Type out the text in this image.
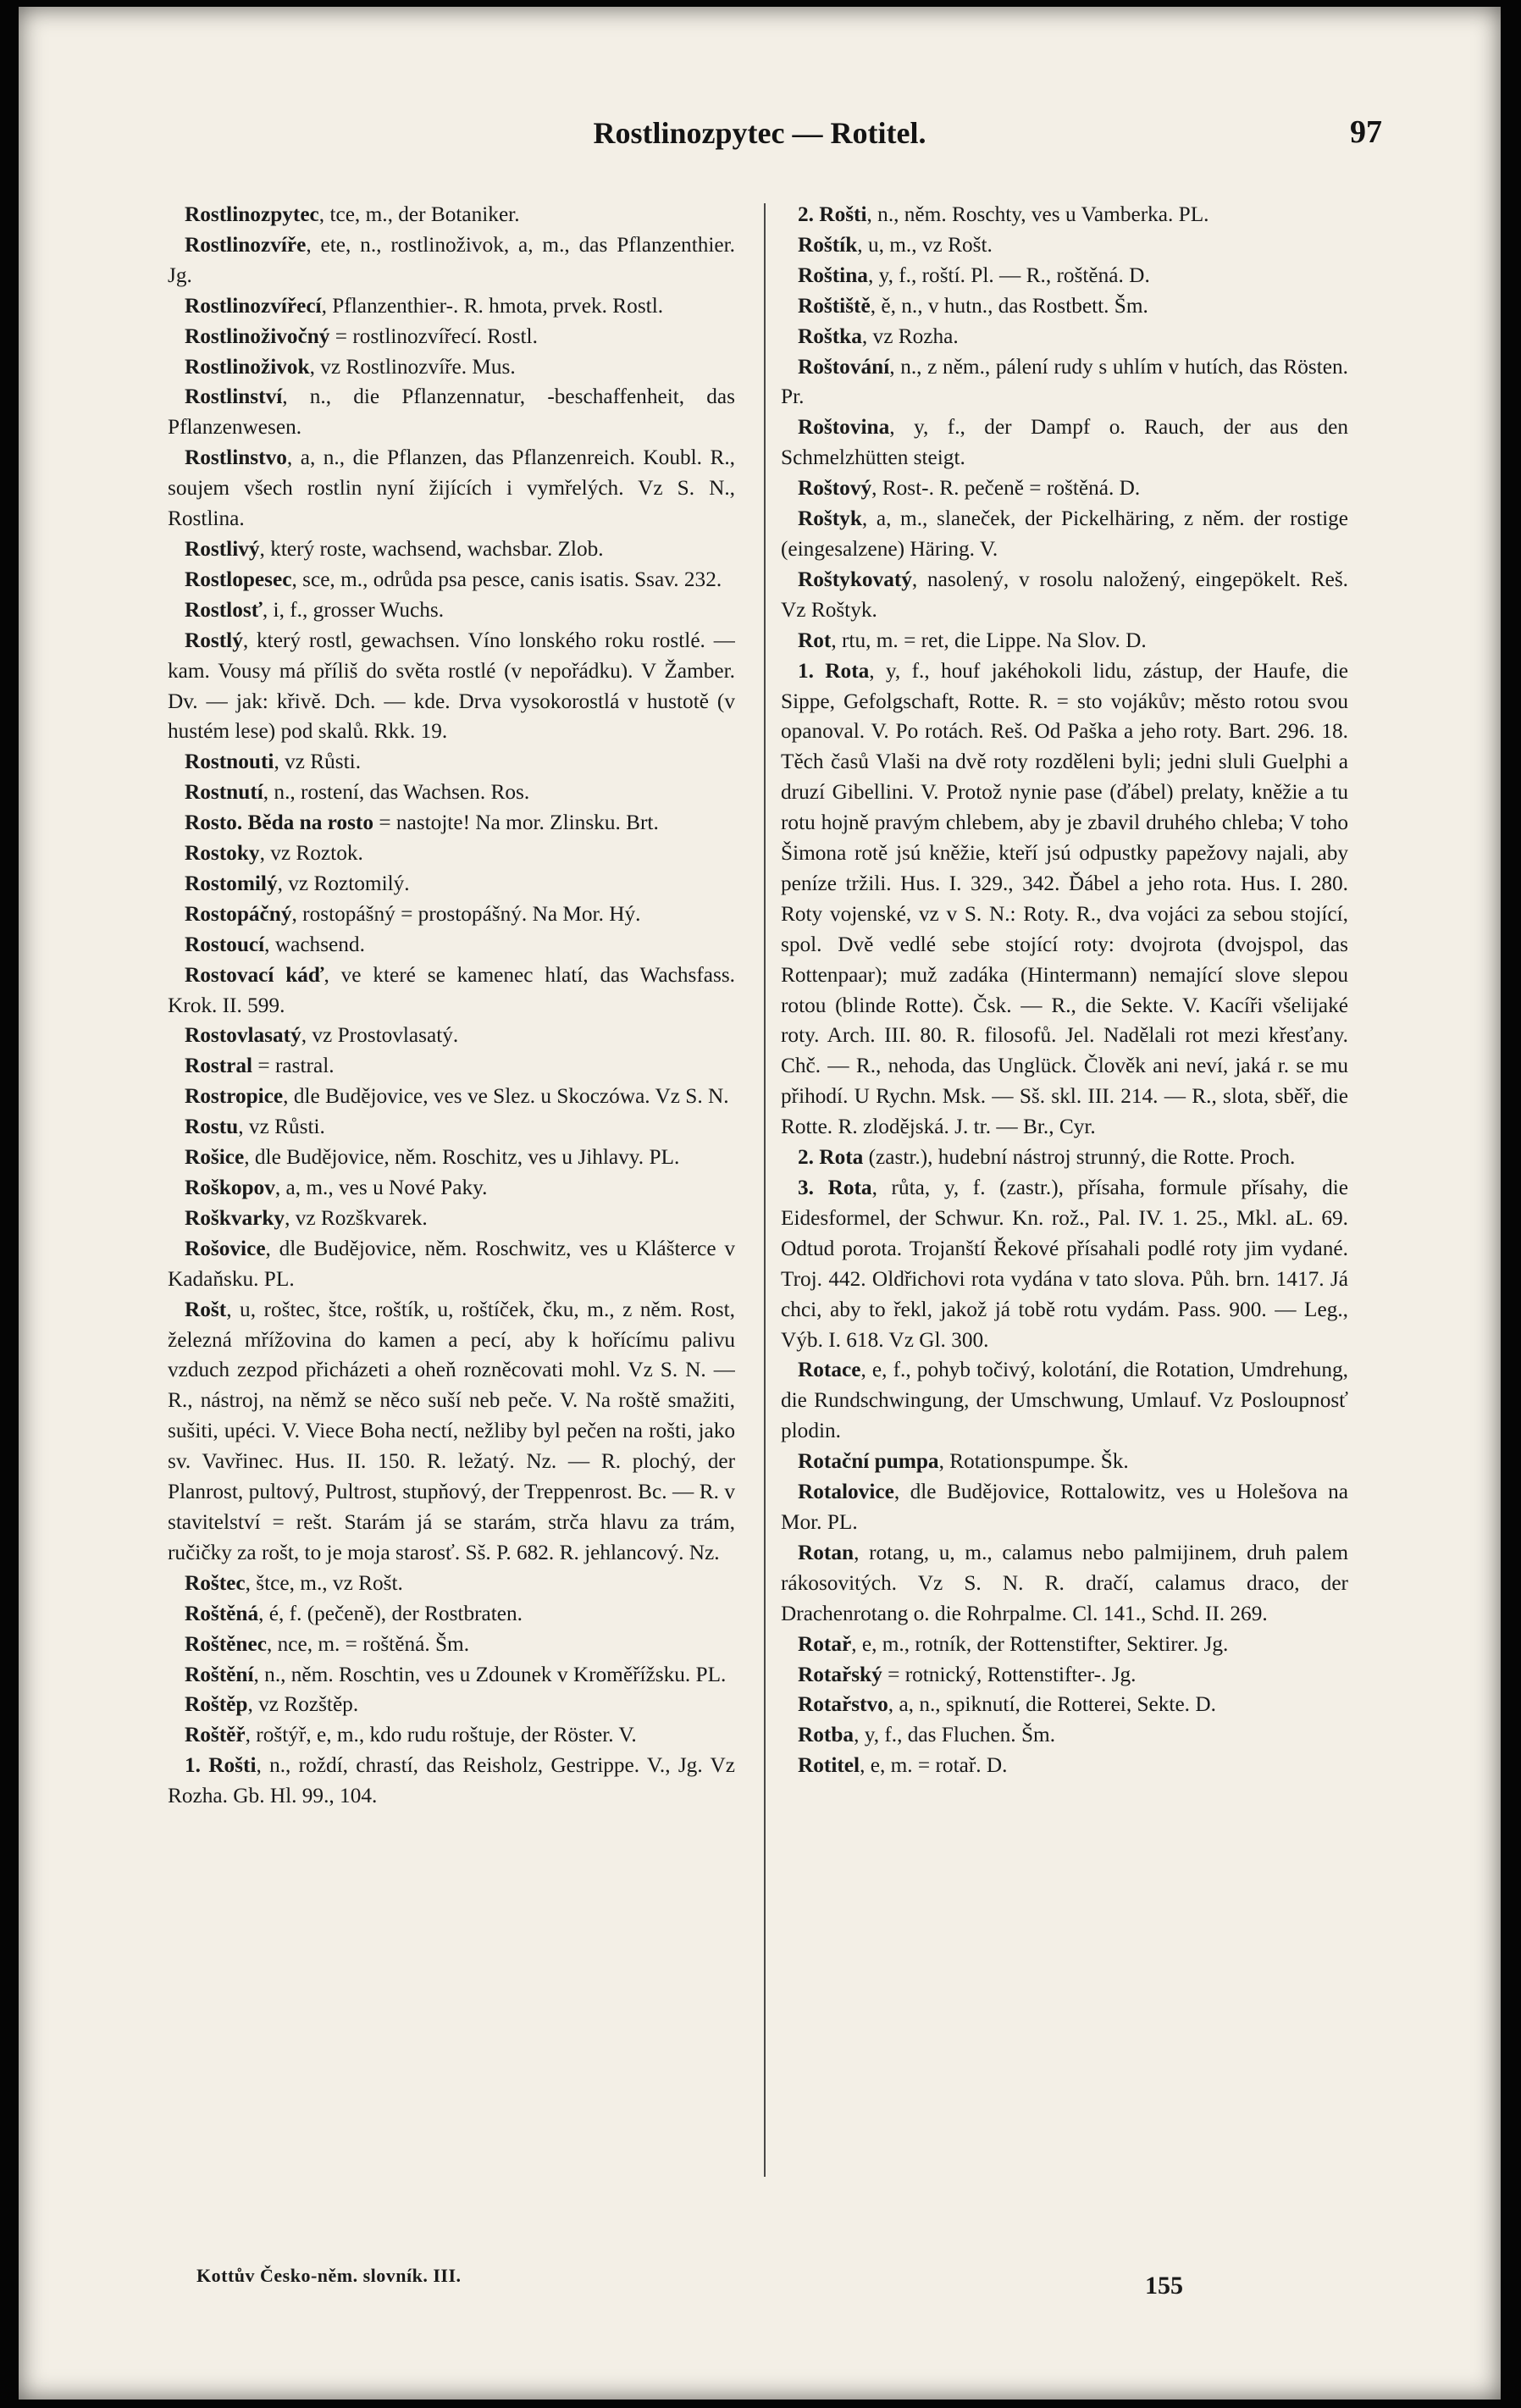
Rostlinozpytec — Rotitel.	97

Rostlinozpytec, tce, m., der Botaniker.

Rostlinozvíře, ete, n., rostlinoživok, a, m., das Pflanzenthier. Jg.

Rostlinozvířecí, Pflanzenthier-. R. hmota, prvek. Rostl.

Rostlinoživočný = rostlinozvířecí. Rostl.

Rostlinoživok, vz Rostlinozvíře. Mus.

Rostlinství, n., die Pflanzennatur, -beschaffenheit, das Pflanzenwesen.

Rostlinstvo, a, n., die Pflanzen, das Pflanzenreich. Koubl. R., soujem všech rostlin nyní žijících i vymřelých. Vz S. N., Rostlina.

Rostlivý, který roste, wachsend, wachsbar. Zlob.

Rostlopesec, sce, m., odrůda psa pesce, canis isatis. Ssav. 232.

Rostlosť, i, f., grosser Wuchs.

Rostlý, který rostl, gewachsen. Víno lonského roku rostlé. — kam. Vousy má příliš do světa rostlé (v nepořádku). V Žamber. Dv. — jak: křivě. Dch. — kde. Drva vysokorostlá v hustotě (v hustém lese) pod skalů. Rkk. 19.

Rostnouti, vz Růsti.

Rostnutí, n., rostení, das Wachsen. Ros.

Rosto. Běda na rosto = nastojte! Na mor. Zlinsku. Brt.

Rostoky, vz Roztok.

Rostomilý, vz Roztomilý.

Rostopáčný, rostopášný = prostopášný. Na Mor. Hý.

Rostoucí, wachsend.

Rostovací káď, ve které se kamenec hlatí, das Wachsfass. Krok. II. 599.

Rostovlasatý, vz Prostovlasatý.

Rostral = rastral.

Rostropice, dle Budějovice, ves ve Slez. u Skoczówa. Vz S. N.

Rostu, vz Růsti.

Rošice, dle Budějovice, něm. Roschitz, ves u Jihlavy. PL.

Roškopov, a, m., ves u Nové Paky.

Roškvarky, vz Rozškvarek.

Rošovice, dle Budějovice, něm. Roschwitz, ves u Klášterce v Kadaňsku. PL.

Rošt, u, roštec, štce, roštík, u, roštíček, čku, m., z něm. Rost, železná mřížovina do kamen a pecí, aby k hořícímu palivu vzduch zezpod přicházeti a oheň rozněcovati mohl. Vz S. N. — R., nástroj, na němž se něco suší neb peče. V. Na roště smažiti, sušiti, upéci. V. Viece Boha nectí, nežliby byl pečen na rošti, jako sv. Vavřinec. Hus. II. 150. R. ležatý. Nz. — R. plochý, der Planrost, pultový, Pultrost, stupňový, der Treppenrost. Bc. — R. v stavitelství = rešt. Starám já se starám, strča hlavu za trám, ručičky za rošt, to je moja starosť. Sš. P. 682. R. jehlancový. Nz.

Roštec, štce, m., vz Rošt.

Roštěná, é, f. (pečeně), der Rostbraten.

Roštěnec, nce, m. = roštěná. Šm.

Roštění, n., něm. Roschtin, ves u Zdounek v Kroměřížsku. PL.

Roštěp, vz Rozštěp.

Roštěř, roštýř, e, m., kdo rudu roštuje, der Röster. V.

1. Rošti, n., roždí, chrastí, das Reisholz, Gestrippe. V., Jg. Vz Rozha. Gb. Hl. 99., 104.

2. Rošti, n., něm. Roschty, ves u Vamberka. PL.

Roštík, u, m., vz Rošt.

Roština, y, f., roští. Pl. — R., roštěná. D.

Roštiště, ě, n., v hutn., das Rostbett. Šm.

Roštka, vz Rozha.

Roštování, n., z něm., pálení rudy s uhlím v hutích, das Rösten. Pr.

Roštovina, y, f., der Dampf o. Rauch, der aus den Schmelzhütten steigt.

Roštový, Rost-. R. pečeně = roštěná. D.

Roštyk, a, m., slaneček, der Pickelhäring, z něm. der rostige (eingesalzene) Häring. V.

Roštykovatý, nasolený, v rosolu naložený, eingepökelt. Reš. Vz Roštyk.

Rot, rtu, m. = ret, die Lippe. Na Slov. D.

1. Rota, y, f., houf jakéhokoli lidu, zástup, der Haufe, die Sippe, Gefolgschaft, Rotte. R. = sto vojákův; město rotou svou opanoval. V. Po rotách. Reš. Od Paška a jeho roty. Bart. 296. 18. Těch časů Vlaši na dvě roty rozděleni byli; jedni sluli Guelphi a druzí Gibellini. V. Protož nynie pase (ďábel) prelaty, kněžie a tu rotu hojně pravým chlebem, aby je zbavil druhého chleba; V toho Šimona rotě jsú kněžie, kteří jsú odpustky papežovy najali, aby peníze tržili. Hus. I. 329., 342. Ďábel a jeho rota. Hus. I. 280. Roty vojenské, vz v S. N.: Roty. R., dva vojáci za sebou stojící, spol. Dvě vedlé sebe stojící roty: dvojrota (dvojspol, das Rottenpaar); muž zadáka (Hintermann) nemající slove slepou rotou (blinde Rotte). Čsk. — R., die Sekte. V. Kacíři všelijaké roty. Arch. III. 80. R. filosofů. Jel. Nadělali rot mezi křesťany. Chč. — R., nehoda, das Unglück. Člověk ani neví, jaká r. se mu přihodí. U Rychn. Msk. — Sš. skl. III. 214. — R., slota, sběř, die Rotte. R. zlodějská. J. tr. — Br., Cyr.

2. Rota (zastr.), hudební nástroj strunný, die Rotte. Proch.

3. Rota, růta, y, f. (zastr.), přísaha, formule přísahy, die Eidesformel, der Schwur. Kn. rož., Pal. IV. 1. 25., Mkl. aL. 69. Odtud porota. Trojanští Řekové přísahali podlé roty jim vydané. Troj. 442. Oldřichovi rota vydána v tato slova. Půh. brn. 1417. Já chci, aby to řekl, jakož já tobě rotu vydám. Pass. 900. — Leg., Výb. I. 618. Vz Gl. 300.

Rotace, e, f., pohyb točivý, kolotání, die Rotation, Umdrehung, die Rundschwingung, der Umschwung, Umlauf. Vz Posloupnosť plodin.

Rotační pumpa, Rotationspumpe. Šk.

Rotalovice, dle Budějovice, Rottalowitz, ves u Holešova na Mor. PL.

Rotan, rotang, u, m., calamus nebo palmijinem, druh palem rákosovitých. Vz S. N. R. dračí, calamus draco, der Drachenrotang o. die Rohrpalme. Cl. 141., Schd. II. 269.

Rotař, e, m., rotník, der Rottenstifter, Sektirer. Jg.

Rotařský = rotnický, Rottenstifter-. Jg.

Rotařstvo, a, n., spiknutí, die Rotterei, Sekte. D.

Rotba, y, f., das Fluchen. Šm.

Rotitel, e, m. = rotař. D.

Kottův Česko-něm. slovník. III.	155
